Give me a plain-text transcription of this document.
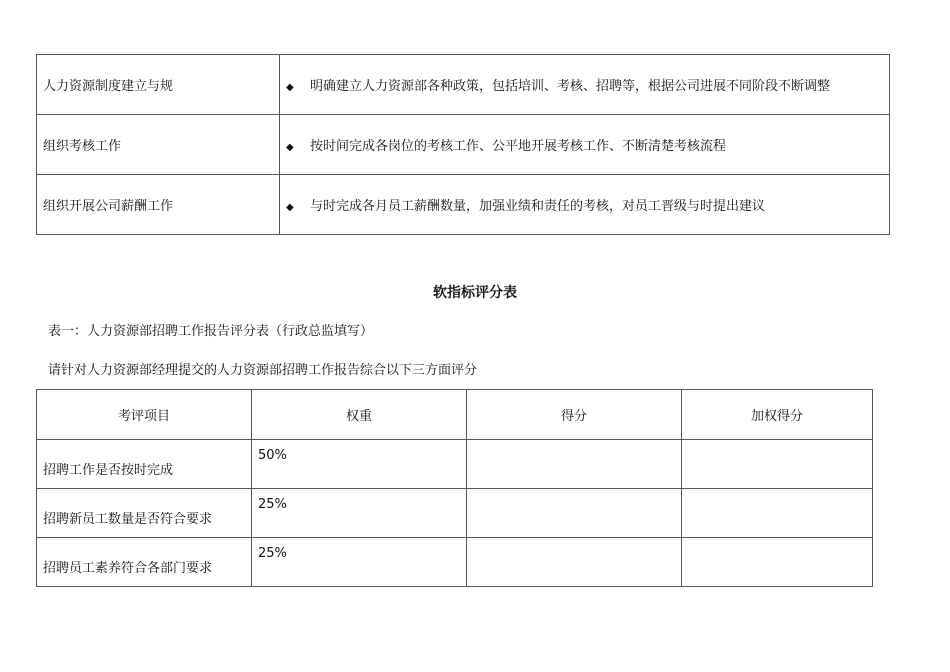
人力资源制度建立与规	◆ 明确建立人力资源部各种政策，包括培训、考核、招聘等，根据公司进展不同阶段不断调整
组织考核工作	◆ 按时间完成各岗位的考核工作、公平地开展考核工作、不断清楚考核流程
组织开展公司薪酬工作	◆ 与时完成各月员工薪酬数量，加强业绩和责任的考核，对员工晋级与时提出建议
软指标评分表
表一：人力资源部招聘工作报告评分表（行政总监填写）
请针对人力资源部经理提交的人力资源部招聘工作报告综合以下三方面评分
考评项目	权重	得分	加权得分
招聘工作是否按时完成	50%		
招聘新员工数量是否符合要求	25%		
招聘员工素养符合各部门要求	25%		
